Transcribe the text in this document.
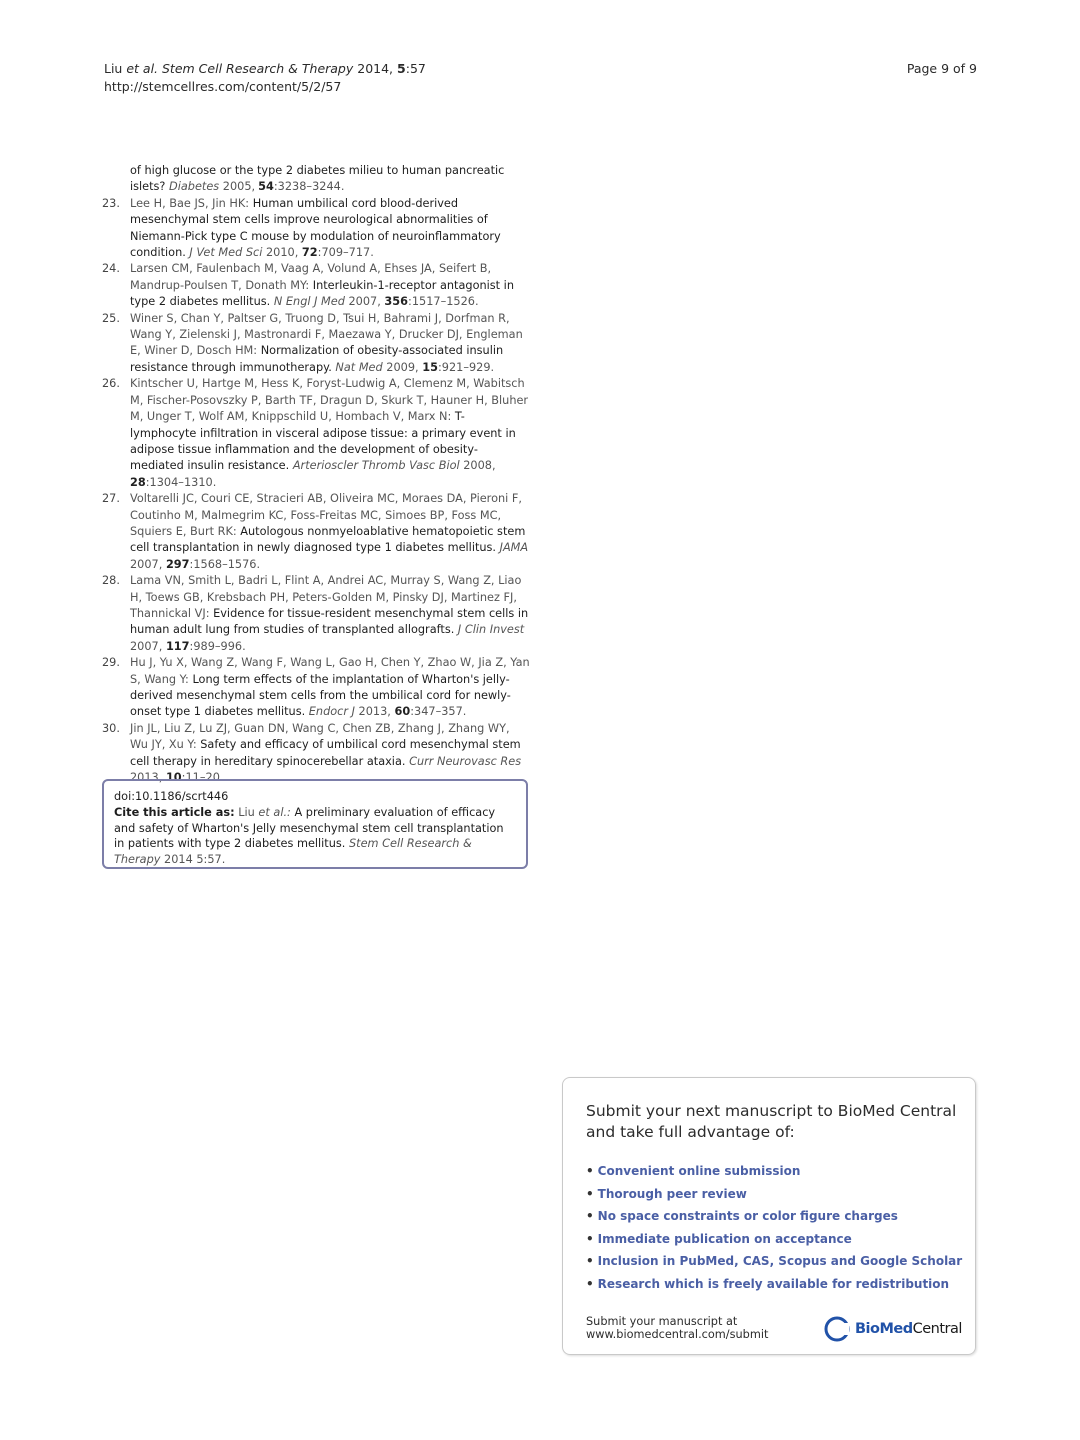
Liu et al. Stem Cell Research & Therapy 2014, 5:57
http://stemcellres.com/content/5/2/57
Page 9 of 9
of high glucose or the type 2 diabetes milieu to human pancreatic islets? Diabetes 2005, 54:3238–3244.
23. Lee H, Bae JS, Jin HK: Human umbilical cord blood-derived mesenchymal stem cells improve neurological abnormalities of Niemann-Pick type C mouse by modulation of neuroinflammatory condition. J Vet Med Sci 2010, 72:709–717.
24. Larsen CM, Faulenbach M, Vaag A, Volund A, Ehses JA, Seifert B, Mandrup-Poulsen T, Donath MY: Interleukin-1-receptor antagonist in type 2 diabetes mellitus. N Engl J Med 2007, 356:1517–1526.
25. Winer S, Chan Y, Paltser G, Truong D, Tsui H, Bahrami J, Dorfman R, Wang Y, Zielenski J, Mastronardi F, Maezawa Y, Drucker DJ, Engleman E, Winer D, Dosch HM: Normalization of obesity-associated insulin resistance through immunotherapy. Nat Med 2009, 15:921–929.
26. Kintscher U, Hartge M, Hess K, Foryst-Ludwig A, Clemenz M, Wabitsch M, Fischer-Posovszky P, Barth TF, Dragun D, Skurk T, Hauner H, Bluher M, Unger T, Wolf AM, Knippschild U, Hombach V, Marx N: T-lymphocyte infiltration in visceral adipose tissue: a primary event in adipose tissue inflammation and the development of obesity-mediated insulin resistance. Arterioscler Thromb Vasc Biol 2008, 28:1304–1310.
27. Voltarelli JC, Couri CE, Stracieri AB, Oliveira MC, Moraes DA, Pieroni F, Coutinho M, Malmegrim KC, Foss-Freitas MC, Simoes BP, Foss MC, Squiers E, Burt RK: Autologous nonmyeloablative hematopoietic stem cell transplantation in newly diagnosed type 1 diabetes mellitus. JAMA 2007, 297:1568–1576.
28. Lama VN, Smith L, Badri L, Flint A, Andrei AC, Murray S, Wang Z, Liao H, Toews GB, Krebsbach PH, Peters-Golden M, Pinsky DJ, Martinez FJ, Thannickal VJ: Evidence for tissue-resident mesenchymal stem cells in human adult lung from studies of transplanted allografts. J Clin Invest 2007, 117:989–996.
29. Hu J, Yu X, Wang Z, Wang F, Wang L, Gao H, Chen Y, Zhao W, Jia Z, Yan S, Wang Y: Long term effects of the implantation of Wharton's jelly-derived mesenchymal stem cells from the umbilical cord for newly-onset type 1 diabetes mellitus. Endocr J 2013, 60:347–357.
30. Jin JL, Liu Z, Lu ZJ, Guan DN, Wang C, Chen ZB, Zhang J, Zhang WY, Wu JY, Xu Y: Safety and efficacy of umbilical cord mesenchymal stem cell therapy in hereditary spinocerebellar ataxia. Curr Neurovasc Res 2013, 10:11–20.
doi:10.1186/scrt446
Cite this article as: Liu et al.: A preliminary evaluation of efficacy and safety of Wharton's Jelly mesenchymal stem cell transplantation in patients with type 2 diabetes mellitus. Stem Cell Research & Therapy 2014 5:57.
Submit your next manuscript to BioMed Central and take full advantage of:
• Convenient online submission
• Thorough peer review
• No space constraints or color figure charges
• Immediate publication on acceptance
• Inclusion in PubMed, CAS, Scopus and Google Scholar
• Research which is freely available for redistribution
Submit your manuscript at
www.biomedcentral.com/submit	BioMedCentral
